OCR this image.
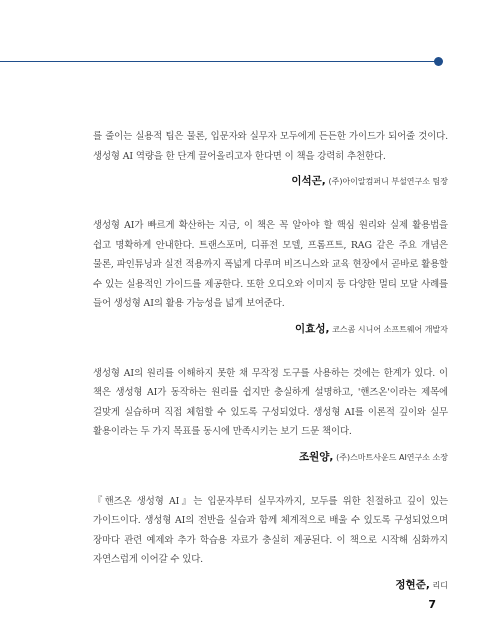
를 줄이는 실용적 팁은 물론, 입문자와 실무자 모두에게 든든한 가이드가 되어줄 것이다. 생성형 AI 역량을 한 단계 끌어올리고자 한다면 이 책을 강력히 추천한다.

이석곤, (주)아이알컴퍼니 부설연구소 팀장

생성형 AI가 빠르게 확산하는 지금, 이 책은 꼭 알아야 할 핵심 원리와 실제 활용법을 쉽고 명확하게 안내한다. 트랜스포머, 디퓨전 모델, 프롬프트, RAG 같은 주요 개념은 물론, 파인튜닝과 실전 적용까지 폭넓게 다루며 비즈니스와 교육 현장에서 곧바로 활용할 수 있는 실용적인 가이드를 제공한다. 또한 오디오와 이미지 등 다양한 멀티 모달 사례를 들어 생성형 AI의 활용 가능성을 넓게 보여준다.

이효성, 코스콤 시니어 소프트웨어 개발자

생성형 AI의 원리를 이해하지 못한 채 무작정 도구를 사용하는 것에는 한계가 있다. 이 책은 생성형 AI가 동작하는 원리를 쉽지만 충실하게 설명하고, '핸즈온'이라는 제목에 걸맞게 실습하며 직접 체험할 수 있도록 구성되었다. 생성형 AI를 이론적 깊이와 실무 활용이라는 두 가지 목표를 동시에 만족시키는 보기 드문 책이다.

조원양, (주)스마트사운드 AI연구소 소장

『핸즈온 생성형 AI』는 입문자부터 실무자까지, 모두를 위한 친절하고 깊이 있는 가이드이다. 생성형 AI의 전반을 실습과 함께 체계적으로 배울 수 있도록 구성되었으며 장마다 관련 예제와 추가 학습용 자료가 충실히 제공된다. 이 책으로 시작해 심화까지 자연스럽게 이어갈 수 있다.

정현준, 리디
7
